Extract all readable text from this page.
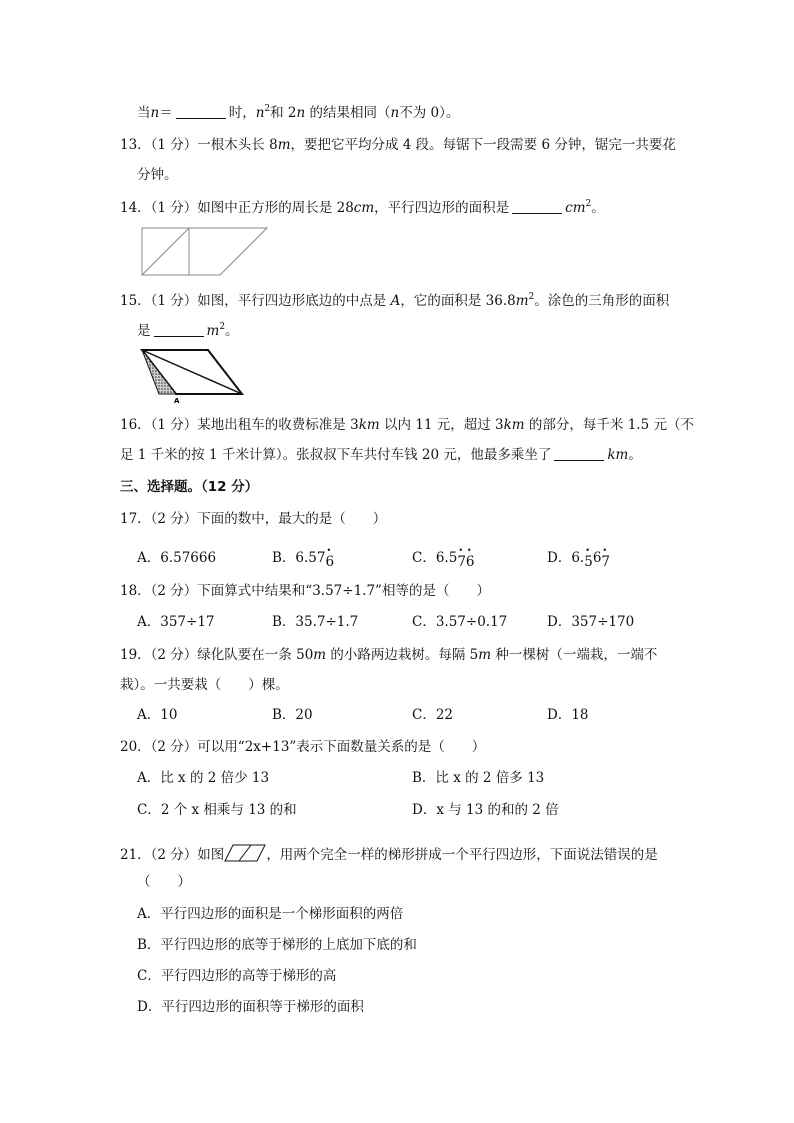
当n＝	时，$n^2$和 2n 的结果相同（n不为 0）。
13．（1 分）一根木头长 8m，要把它平均分成 4 段。每锯下一段需要 6 分钟，锯完一共要花
分钟。
14．（1 分）如图中正方形的周长是 28cm，平行四边形的面积是	$cm^2$。
15．（1 分）如图，平行四边形底边的中点是 A，它的面积是 $36.8m^2$。涂色的三角形的面积
是	$m^2$。
A
16．（1 分）某地出租车的收费标准是 3km 以内 11 元，超过 3km 的部分，每千米 1.5 元（不
足 1 千米的按 1 千米计算）。张叔叔下车共付车钱 20 元，他最多乘坐了	km。
三、选择题。（12 分）
17．（2 分）下面的数中，最大的是（　　）
A．6.57666	B．6.57• 6	C．6.5• 7• 6	D．6.• 56• 7
18．（2 分）下面算式中结果和“3.57÷1.7”相等的是（　　）
A．357÷17	B．35.7÷1.7	C．3.57÷0.17	D．357÷170
19．（2 分）绿化队要在一条 50m 的小路两边栽树。每隔 5m 种一棵树（一端栽，一端不
栽）。一共要栽（　　）棵。
A．10	B．20	C．22	D．18
20．（2 分）可以用“2x+13”表示下面数量关系的是（　　）
A．比 x 的 2 倍少 13	B．比 x 的 2 倍多 13
C．2 个 x 相乘与 13 的和	D．x 与 13 的和的 2 倍
21．（2 分）如图	，用两个完全一样的梯形拼成一个平行四边形，下面说法错误的是
（　　）
A．平行四边形的面积是一个梯形面积的两倍
B．平行四边形的底等于梯形的上底加下底的和
C．平行四边形的高等于梯形的高
D．平行四边形的面积等于梯形的面积
